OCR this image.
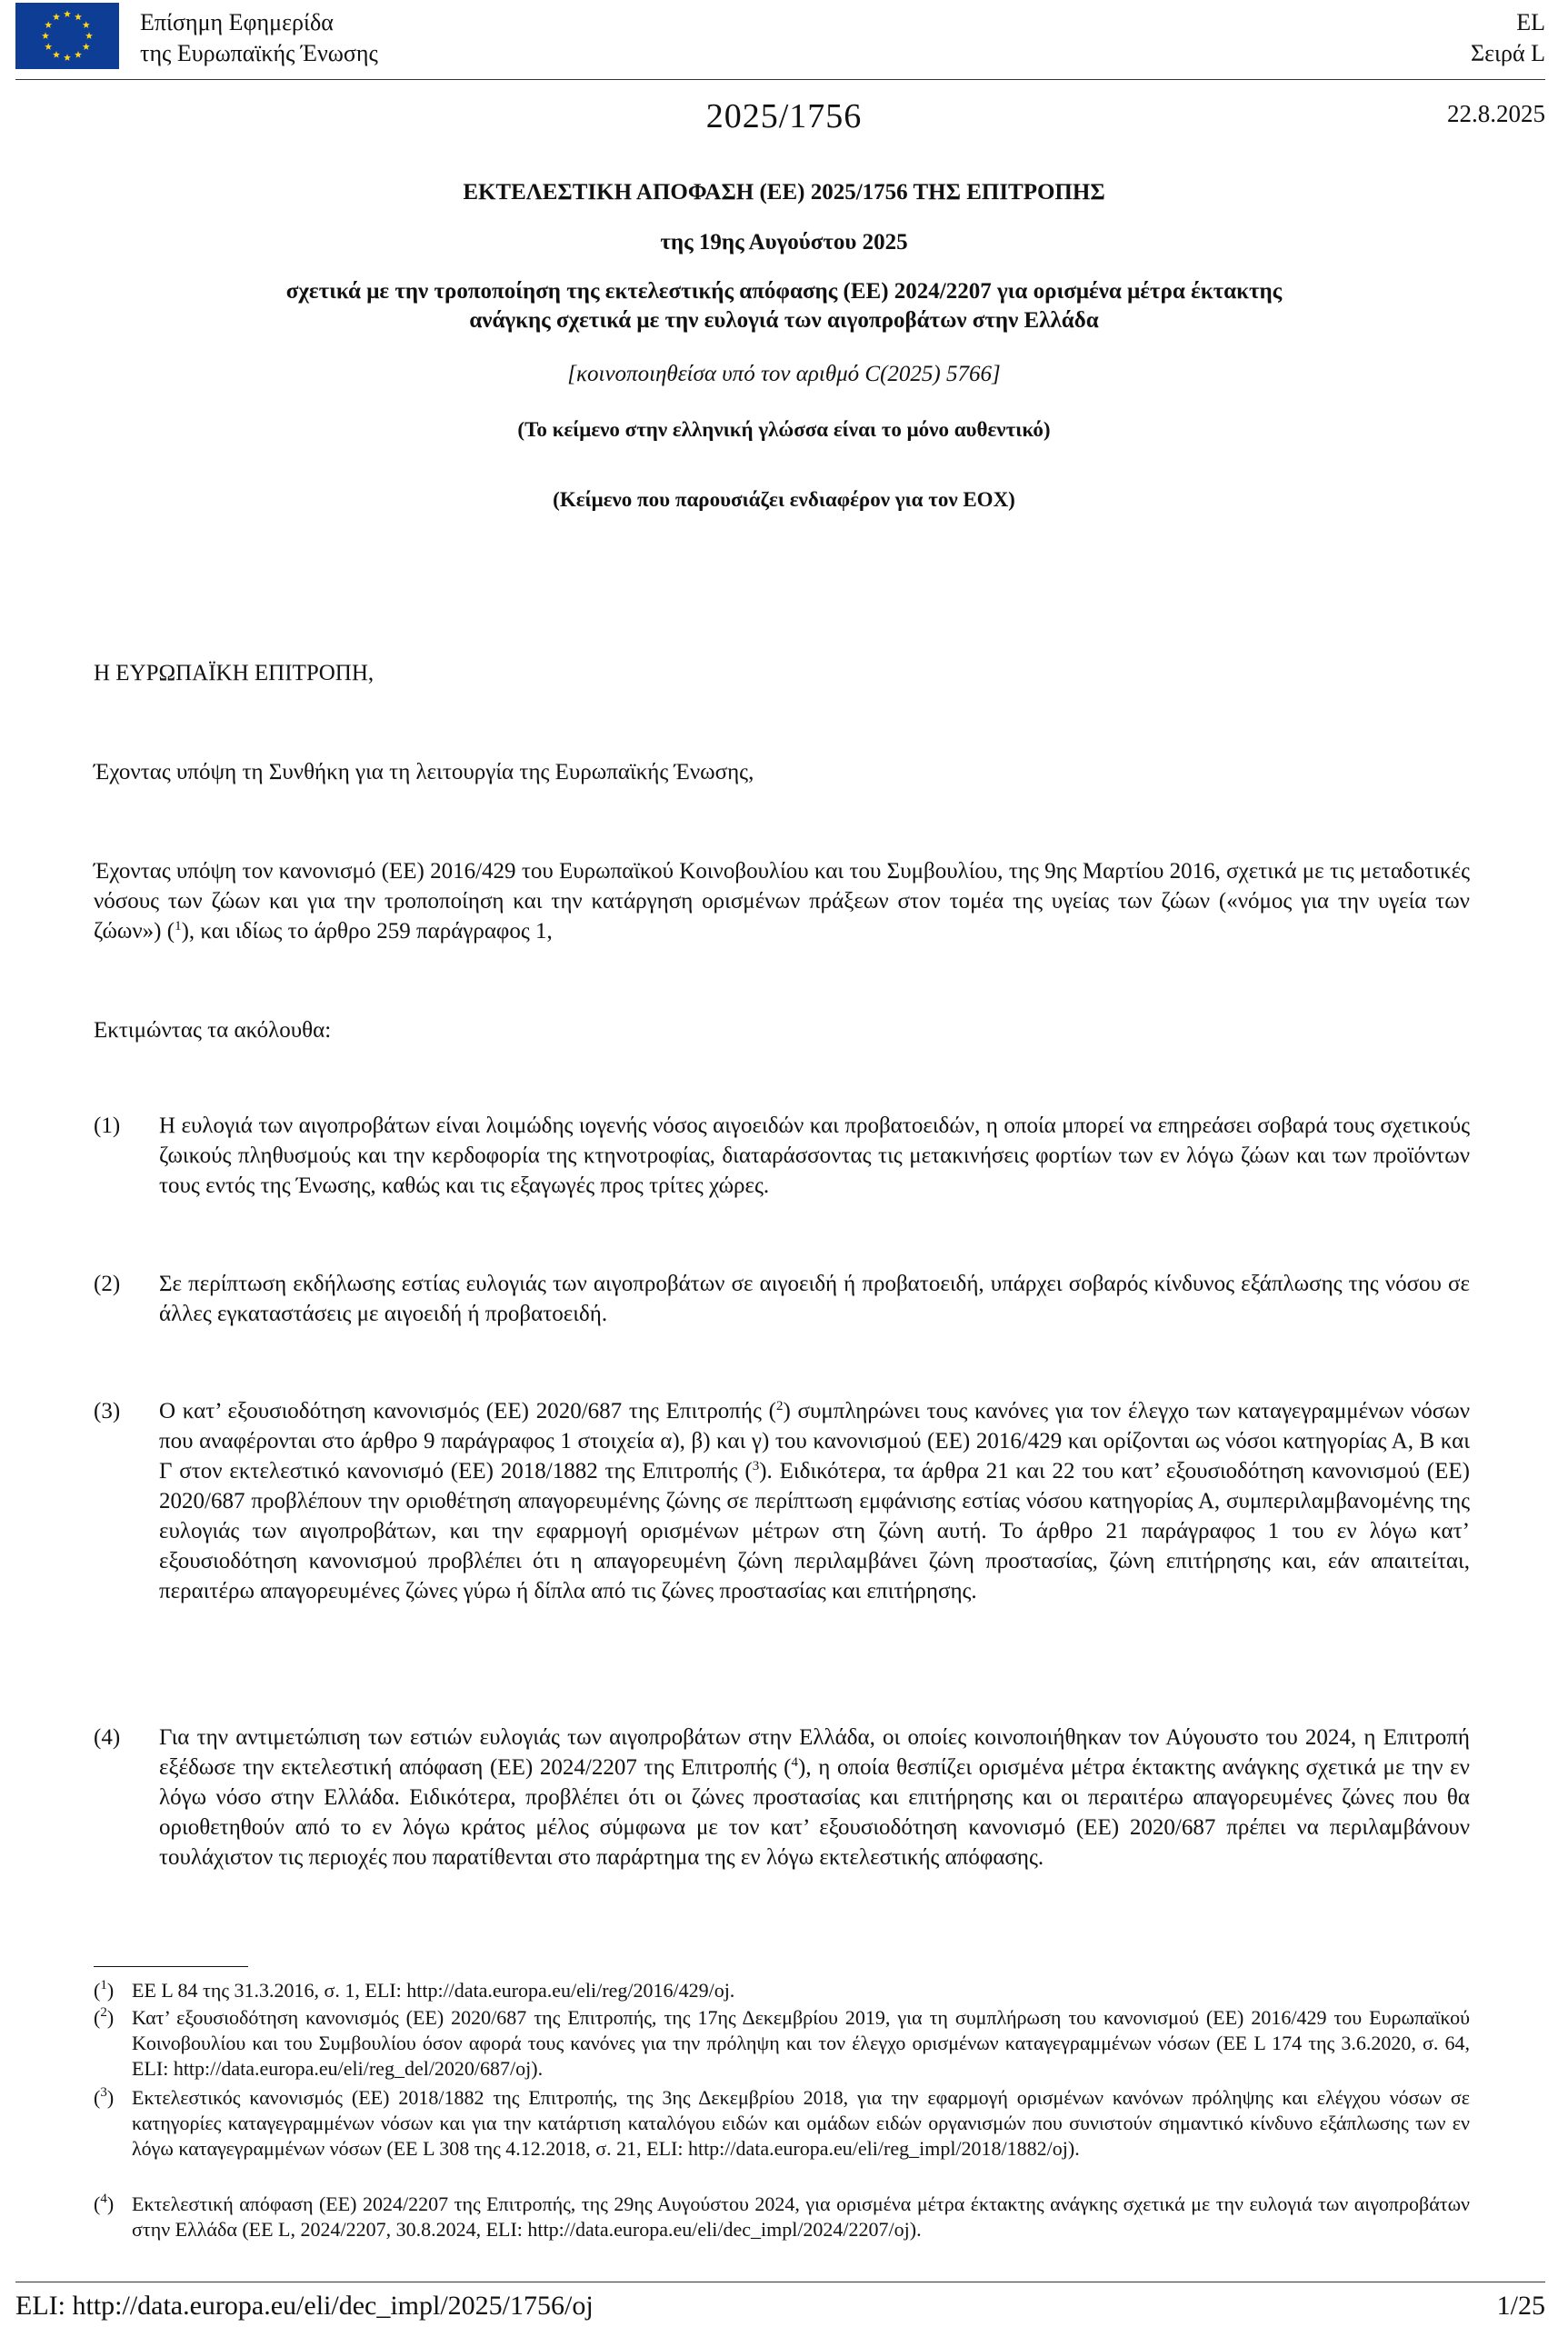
Επίσημη Εφημερίδα
της Ευρωπαϊκής Ένωσης
EL
Σειρά L
2025/1756	22.8.2025
ΕΚΤΕΛΕΣΤΙΚΗ ΑΠΟΦΑΣΗ (ΕΕ) 2025/1756 ΤΗΣ ΕΠΙΤΡΟΠΗΣ
της 19ης Αυγούστου 2025
σχετικά με την τροποποίηση της εκτελεστικής απόφασης (ΕΕ) 2024/2207 για ορισμένα μέτρα έκτακτης
ανάγκης σχετικά με την ευλογιά των αιγοπροβάτων στην Ελλάδα
[κοινοποιηθείσα υπό τον αριθμό C(2025) 5766]
(Το κείμενο στην ελληνική γλώσσα είναι το μόνο αυθεντικό)
(Κείμενο που παρουσιάζει ενδιαφέρον για τον ΕΟΧ)

Η ΕΥΡΩΠΑΪΚΗ ΕΠΙΤΡΟΠΗ,

Έχοντας υπόψη τη Συνθήκη για τη λειτουργία της Ευρωπαϊκής Ένωσης,

Έχοντας υπόψη τον κανονισμό (ΕΕ) 2016/429 του Ευρωπαϊκού Κοινοβουλίου και του Συμβουλίου, της 9ης Μαρτίου 2016, σχετικά με τις μεταδοτικές νόσους των ζώων και για την τροποποίηση και την κατάργηση ορισμένων πράξεων στον τομέα της υγείας των ζώων («νόμος για την υγεία των ζώων») ($^1$), και ιδίως το άρθρο 259 παράγραφος 1,

Εκτιμώντας τα ακόλουθα:

(1) Η ευλογιά των αιγοπροβάτων είναι λοιμώδης ιογενής νόσος αιγοειδών και προβατοειδών, η οποία μπορεί να επηρεάσει σοβαρά τους σχετικούς ζωικούς πληθυσμούς και την κερδοφορία της κτηνοτροφίας, διαταράσσοντας τις μετακινήσεις φορτίων των εν λόγω ζώων και των προϊόντων τους εντός της Ένωσης, καθώς και τις εξαγωγές προς τρίτες χώρες.
(2) Σε περίπτωση εκδήλωσης εστίας ευλογιάς των αιγοπροβάτων σε αιγοειδή ή προβατοειδή, υπάρχει σοβαρός κίνδυνος εξάπλωσης της νόσου σε άλλες εγκαταστάσεις με αιγοειδή ή προβατοειδή.
(3) Ο κατ’ εξουσιοδότηση κανονισμός (ΕΕ) 2020/687 της Επιτροπής ($^2$) συμπληρώνει τους κανόνες για τον έλεγχο των καταγεγραμμένων νόσων που αναφέρονται στο άρθρο 9 παράγραφος 1 στοιχεία α), β) και γ) του κανονισμού (ΕΕ) 2016/429 και ορίζονται ως νόσοι κατηγορίας Α, Β και Γ στον εκτελεστικό κανονισμό (ΕΕ) 2018/1882 της Επιτροπής ($^3$). Ειδικότερα, τα άρθρα 21 και 22 του κατ’ εξουσιοδότηση κανονισμού (ΕΕ) 2020/687 προβλέπουν την οριοθέτηση απαγορευμένης ζώνης σε περίπτωση εμφάνισης εστίας νόσου κατηγορίας Α, συμπεριλαμβανομένης της ευλογιάς των αιγοπροβάτων, και την εφαρμογή ορισμένων μέτρων στη ζώνη αυτή. Το άρθρο 21 παράγραφος 1 του εν λόγω κατ’ εξουσιοδότηση κανονισμού προβλέπει ότι η απαγορευμένη ζώνη περιλαμβάνει ζώνη προστασίας, ζώνη επιτήρησης και, εάν απαιτείται, περαιτέρω απαγορευμένες ζώνες γύρω ή δίπλα από τις ζώνες προστασίας και επιτήρησης.
(4) Για την αντιμετώπιση των εστιών ευλογιάς των αιγοπροβάτων στην Ελλάδα, οι οποίες κοινοποιήθηκαν τον Αύγουστο του 2024, η Επιτροπή εξέδωσε την εκτελεστική απόφαση (ΕΕ) 2024/2207 της Επιτροπής ($^4$), η οποία θεσπίζει ορισμένα μέτρα έκτακτης ανάγκης σχετικά με την εν λόγω νόσο στην Ελλάδα. Ειδικότερα, προβλέπει ότι οι ζώνες προστασίας και επιτήρησης και οι περαιτέρω απαγορευμένες ζώνες που θα οριοθετηθούν από το εν λόγω κράτος μέλος σύμφωνα με τον κατ’ εξουσιοδότηση κανονισμό (ΕΕ) 2020/687 πρέπει να περιλαμβάνουν τουλάχιστον τις περιοχές που παρατίθενται στο παράρτημα της εν λόγω εκτελεστικής απόφασης.
($^1$) ΕΕ L 84 της 31.3.2016, σ. 1, ELI: http://data.europa.eu/eli/reg/2016/429/oj.
($^2$) Κατ’ εξουσιοδότηση κανονισμός (ΕΕ) 2020/687 της Επιτροπής, της 17ης Δεκεμβρίου 2019, για τη συμπλήρωση του κανονισμού (ΕΕ) 2016/429 του Ευρωπαϊκού Κοινοβουλίου και του Συμβουλίου όσον αφορά τους κανόνες για την πρόληψη και τον έλεγχο ορισμένων καταγεγραμμένων νόσων (ΕΕ L 174 της 3.6.2020, σ. 64, ELI: http://data.europa.eu/eli/reg_del/2020/687/oj).
($^3$) Εκτελεστικός κανονισμός (ΕΕ) 2018/1882 της Επιτροπής, της 3ης Δεκεμβρίου 2018, για την εφαρμογή ορισμένων κανόνων πρόληψης και ελέγχου νόσων σε κατηγορίες καταγεγραμμένων νόσων και για την κατάρτιση καταλόγου ειδών και ομάδων ειδών οργανισμών που συνιστούν σημαντικό κίνδυνο εξάπλωσης των εν λόγω καταγεγραμμένων νόσων (ΕΕ L 308 της 4.12.2018, σ. 21, ELI: http://data.europa.eu/eli/reg_impl/2018/1882/oj).
($^4$) Εκτελεστική απόφαση (ΕΕ) 2024/2207 της Επιτροπής, της 29ης Αυγούστου 2024, για ορισμένα μέτρα έκτακτης ανάγκης σχετικά με την ευλογιά των αιγοπροβάτων στην Ελλάδα (ΕΕ L, 2024/2207, 30.8.2024, ELI: http://data.europa.eu/eli/dec_impl/2024/2207/oj).
ELI: http://data.europa.eu/eli/dec_impl/2025/1756/oj	1/25
